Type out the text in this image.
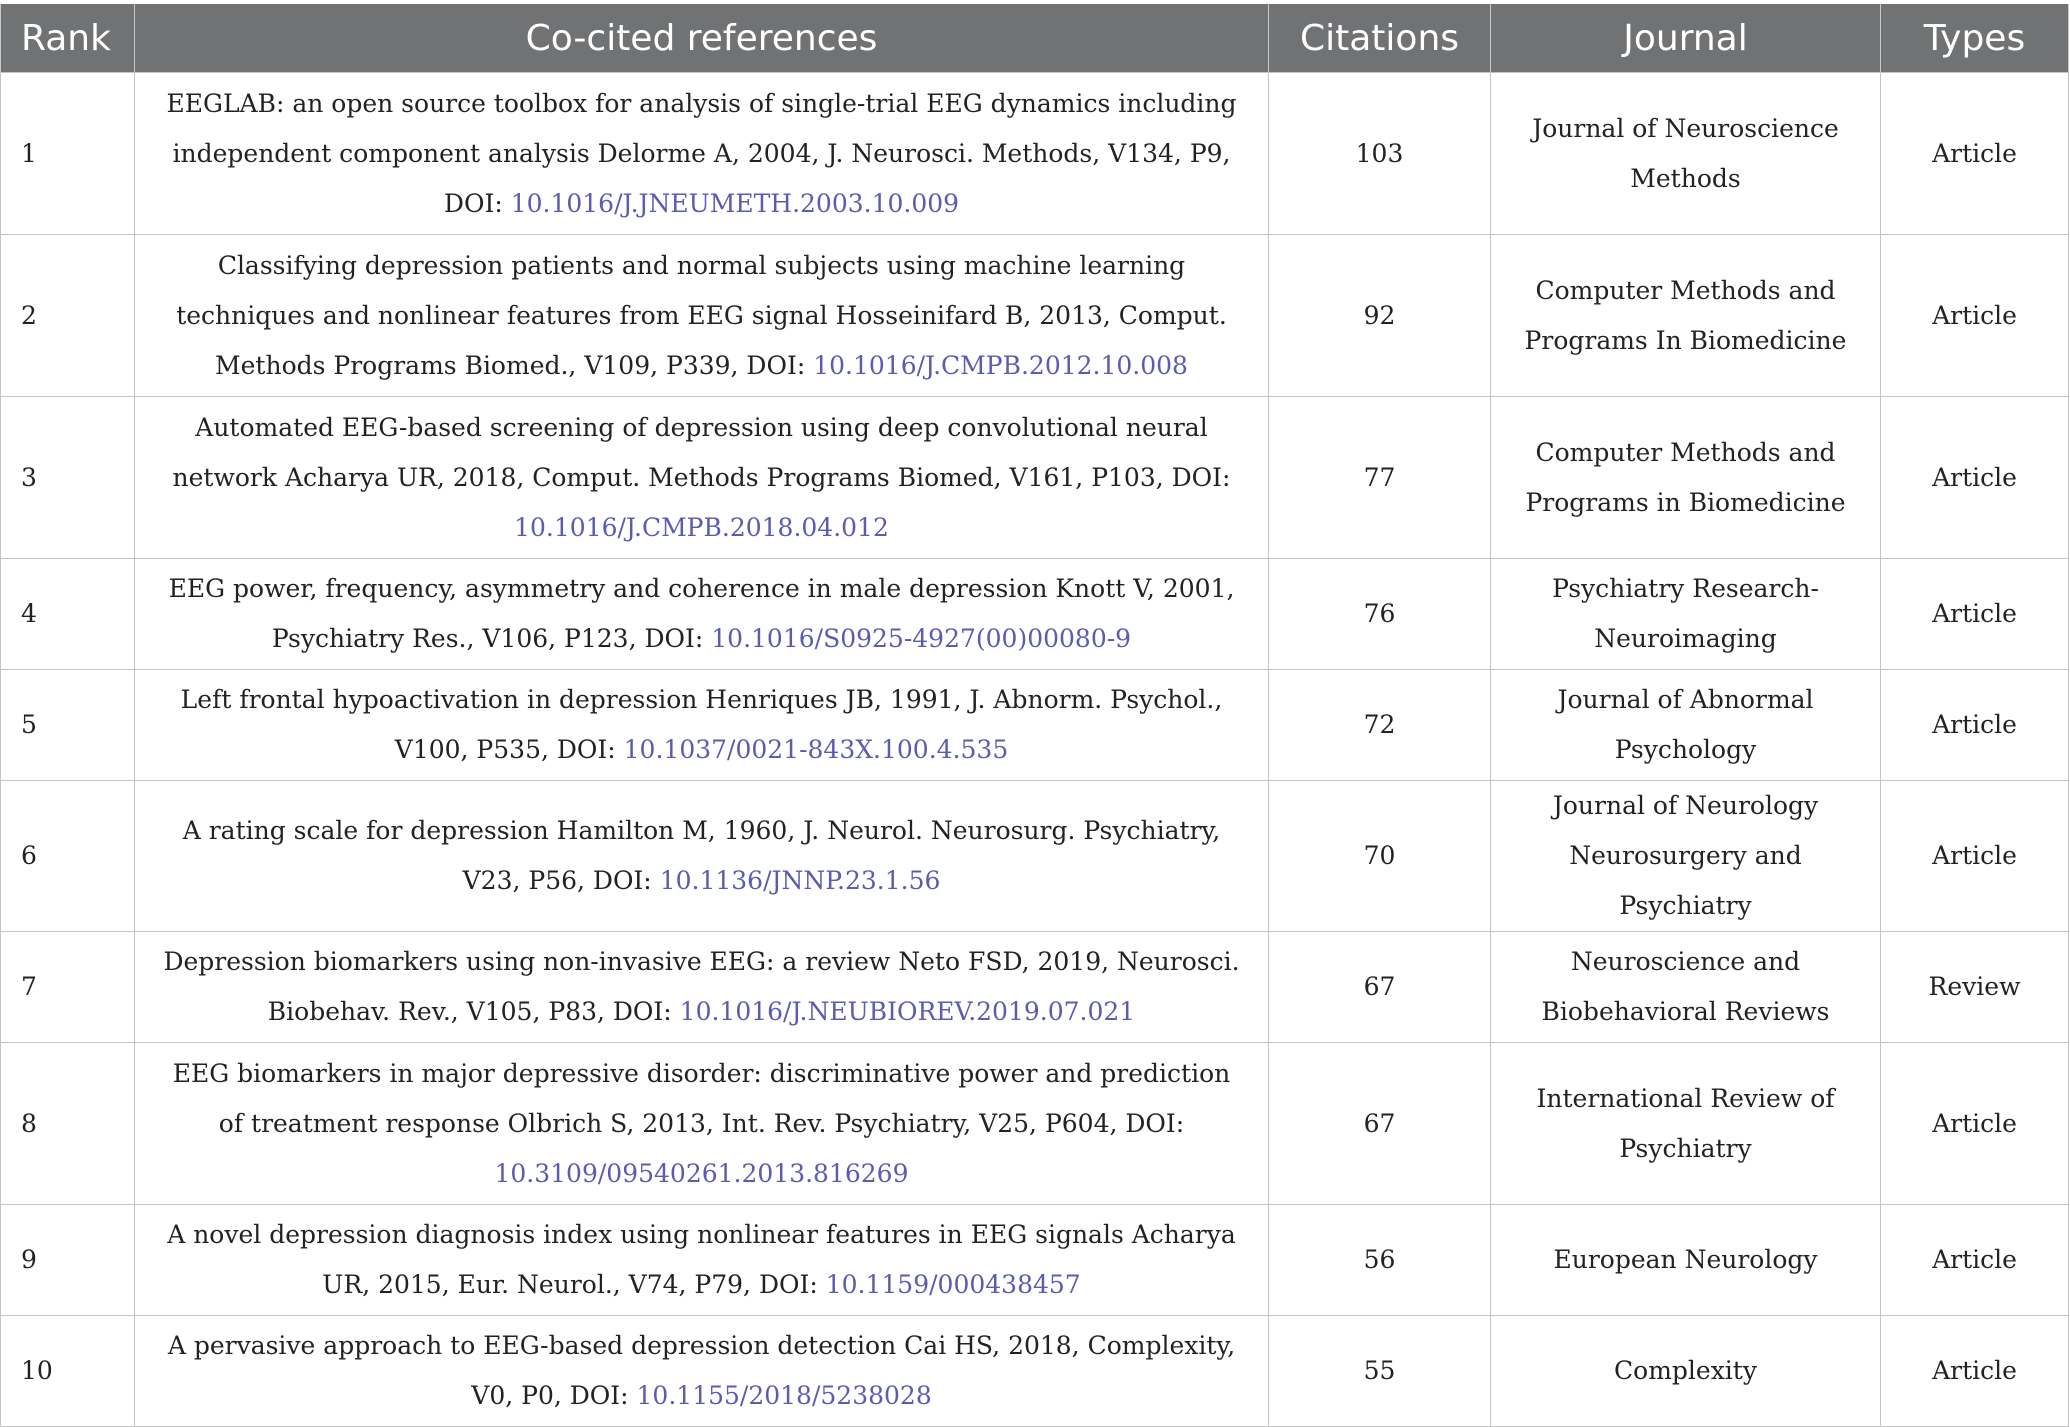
Rank	Co-cited references	Citations	Journal	Types
1	EEGLAB: an open source toolbox for analysis of single-trial EEG dynamics including independent component analysis Delorme A, 2004, J. Neurosci. Methods, V134, P9, DOI: 10.1016/J.JNEUMETH.2003.10.009	103	Journal of Neuroscience Methods	Article
2	Classifying depression patients and normal subjects using machine learning techniques and nonlinear features from EEG signal Hosseinifard B, 2013, Comput. Methods Programs Biomed., V109, P339, DOI: 10.1016/J.CMPB.2012.10.008	92	Computer Methods and Programs In Biomedicine	Article
3	Automated EEG-based screening of depression using deep convolutional neural network Acharya UR, 2018, Comput. Methods Programs Biomed, V161, P103, DOI: 10.1016/J.CMPB.2018.04.012	77	Computer Methods and Programs in Biomedicine	Article
4	EEG power, frequency, asymmetry and coherence in male depression Knott V, 2001, Psychiatry Res., V106, P123, DOI: 10.1016/S0925-4927(00)00080-9	76	Psychiatry Research-Neuroimaging	Article
5	Left frontal hypoactivation in depression Henriques JB, 1991, J. Abnorm. Psychol., V100, P535, DOI: 10.1037/0021-843X.100.4.535	72	Journal of Abnormal Psychology	Article
6	A rating scale for depression Hamilton M, 1960, J. Neurol. Neurosurg. Psychiatry, V23, P56, DOI: 10.1136/JNNP.23.1.56	70	Journal of Neurology Neurosurgery and Psychiatry	Article
7	Depression biomarkers using non-invasive EEG: a review Neto FSD, 2019, Neurosci. Biobehav. Rev., V105, P83, DOI: 10.1016/J.NEUBIOREV.2019.07.021	67	Neuroscience and Biobehavioral Reviews	Review
8	EEG biomarkers in major depressive disorder: discriminative power and prediction of treatment response Olbrich S, 2013, Int. Rev. Psychiatry, V25, P604, DOI: 10.3109/09540261.2013.816269	67	International Review of Psychiatry	Article
9	A novel depression diagnosis index using nonlinear features in EEG signals Acharya UR, 2015, Eur. Neurol., V74, P79, DOI: 10.1159/000438457	56	European Neurology	Article
10	A pervasive approach to EEG-based depression detection Cai HS, 2018, Complexity, V0, P0, DOI: 10.1155/2018/5238028	55	Complexity	Article
